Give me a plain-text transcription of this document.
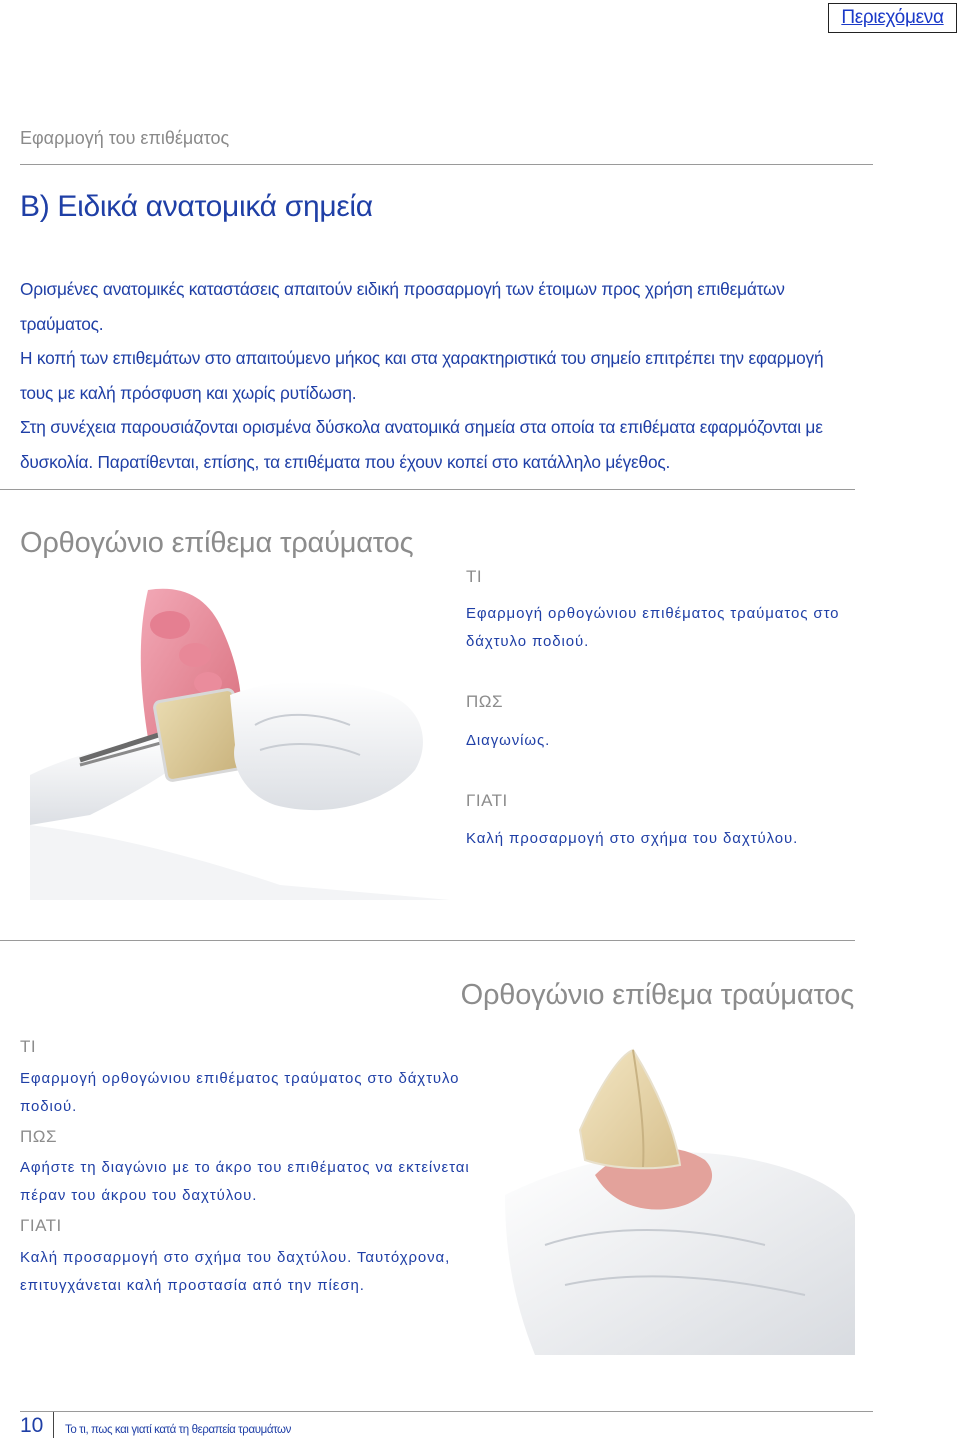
Περιεχόμενα
Εφαρμογή του επιθέματος
B) Ειδικά ανατομικά σημεία

Ορισμένες ανατομικές καταστάσεις απαιτούν ειδική προσαρμογή των έτοιμων προς χρήση επιθεμάτων τραύματος.

Η κοπή των επιθεμάτων στο απαιτούμενο μήκος και στα χαρακτηριστικά του σημείο επιτρέπει την εφαρμογή τους με καλή πρόσφυση και χωρίς ρυτίδωση.

Στη συνέχεια παρουσιάζονται ορισμένα δύσκολα ανατομικά σημεία στα οποία τα επιθέματα εφαρμόζονται με δυσκολία. Παρατίθενται, επίσης, τα επιθέματα που έχουν κοπεί στο κατάλληλο μέγεθος.

Ορθογώνιο επίθεμα τραύματος
ΤΙ
Εφαρμογή ορθογώνιου επιθέματος τραύματος στο δάχτυλο ποδιού.
ΠΩΣ
Διαγωνίως.
ΓΙΑΤΙ
Καλή προσαρμογή στο σχήμα του δαχτύλου.
Ορθογώνιο επίθεμα τραύματος
ΤΙ
Εφαρμογή ορθογώνιου επιθέματος τραύματος στο δάχτυλο ποδιού.
ΠΩΣ
Αφήστε τη διαγώνιο με το άκρο του επιθέματος να εκτείνεται πέραν του άκρου του δαχτύλου.
ΓΙΑΤΙ
Καλή προσαρμογή στο σχήμα του δαχτύλου. Ταυτόχρονα, επιτυγχάνεται καλή προστασία από την πίεση.
10 Το τι, πως και γιατί κατά τη θεραπεία τραυμάτων
